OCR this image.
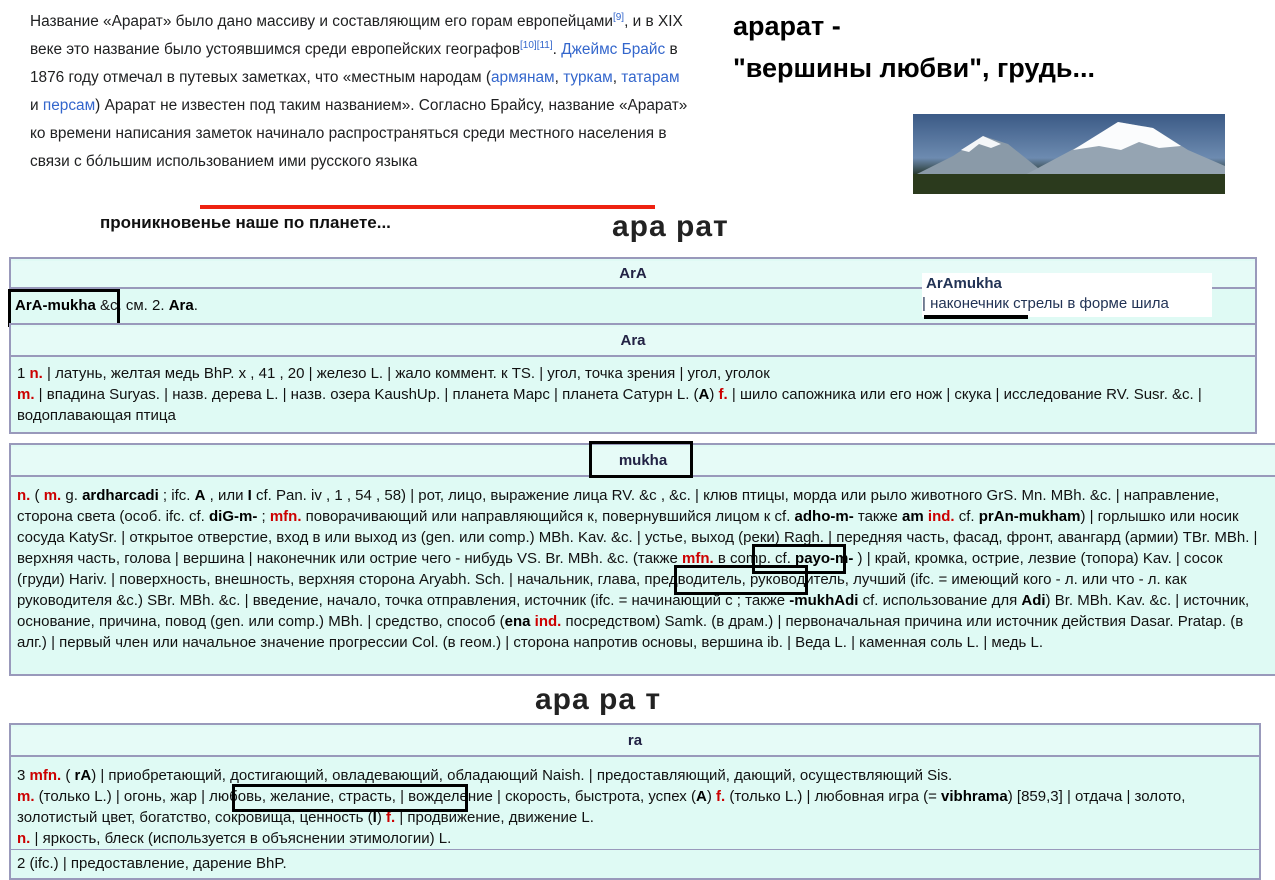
Название «Арарат» было дано массиву и составляющим его горам европейцами[9], и в XIX веке это название было устоявшимся среди европейских географов[10][11]. Джеймс Брайс в 1876 году отмечал в путевых заметках, что «местным народам (армянам, туркам, татарам и персам) Арарат не известен под таким названием». Согласно Брайсу, название «Арарат» ко времени написания заметок начинало распространяться среди местного населения в связи с бóльшим использованием ими русского языка
проникновенье наше по планете...
арарат -
"вершины любви", грудь...
ара рат
ArA
ArA-mukha &c. см. 2. Ara.
ArAmukha
| наконечник стрелы в форме шила
Ara
1 n. | латунь, желтая медь BhP. x , 41 , 20 | железо L. | жало коммент. к TS. | угол, точка зрения | угол, уголок
m. | впадина Suryas. | назв. дерева L. | назв. озера KaushUp. | планета Марс | планета Сатурн L. (A) f. | шило сапожника или его нож | скука | исследование RV. Susr. &c. | водоплавающая птица
mukha
n. ( m. g. ardharcadi ; ifc. A , или I cf. Pan. iv , 1 , 54 , 58) | рот, лицо, выражение лица RV. &c , &c. | клюв птицы, морда или рыло животного GrS. Mn. MBh. &c. | направление, сторона света (особ. ifc. cf. diG-m- ; mfn. поворачивающий или направляющийся к, повернувшийся лицом к cf. adho-m- также am ind. cf. prAn-mukham) | горлышко или носик сосуда KatySr. | открытое отверстие, вход в или выход из (gen. или comp.) MBh. Kav. &c. | устье, выход (реки) Ragh. | передняя часть, фасад, фронт, авангард (армии) TBr. MBh. | верхняя часть, голова | вершина | наконечник или острие чего - нибудь VS. Br. MBh. &c. (также mfn. в comp. cf. payo-m- ) | край, кромка, острие, лезвие (топора) Kav. | сосок (груди) Hariv. | поверхность, внешность, верхняя сторона Aryabh. Sch. | начальник, глава, предводитель, руководитель, лучший (ifc. = имеющий кого - л. или что - л. как руководителя &c.) SBr. MBh. &c. | введение, начало, точка отправления, источник (ifc. = начинающий с ; также -mukhAdi cf. использование для Adi) Br. MBh. Kav. &c. | источник, основание, причина, повод (gen. или comp.) MBh. | средство, способ (ena ind. посредством) Samk. (в драм.) | первоначальная причина или источник действия Dasar. Pratap. (в алг.) | первый член или начальное значение прогрессии Col. (в геом.) | сторона напротив основы, вершина ib. | Веда L. | каменная соль L. | медь L.
ара ра т
ra
3 mfn. ( rA) | приобретающий, достигающий, овладевающий, обладающий Naish. | предоставляющий, дающий, осуществляющий Sis.
m. (только L.) | огонь, жар | любовь, желание, страсть, | вожделение | скорость, быстрота, успех (A) f. (только L.) | любовная игра (= vibhrama) [859,3] | отдача | золото, золотистый цвет, богатство, сокровища, ценность (I) f. | продвижение, движение L.
n. | яркость, блеск (используется в объяснении этимологии) L.
2 (ifc.) | предоставление, дарение BhP.
